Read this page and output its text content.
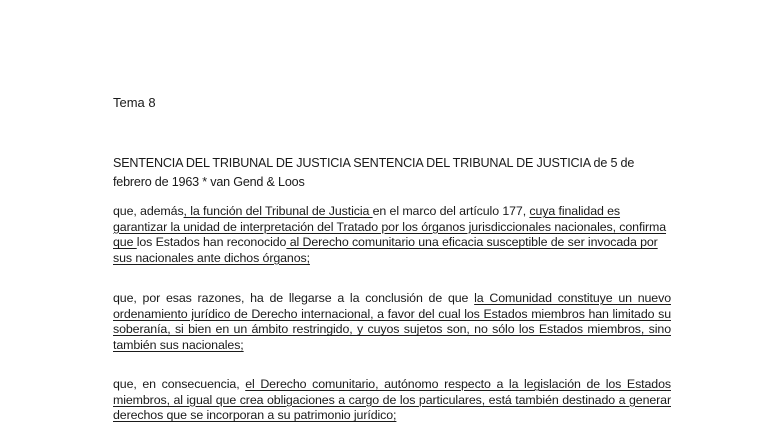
Tema 8
SENTENCIA DEL TRIBUNAL DE JUSTICIA SENTENCIA DEL TRIBUNAL DE JUSTICIA de 5 de febrero de 1963 * van Gend & Loos
que, además, la función del Tribunal de Justicia en el marco del artículo 177, cuya finalidad es garantizar la unidad de interpretación del Tratado por los órganos jurisdiccionales nacionales, confirma que los Estados han reconocido al Derecho comunitario una eficacia susceptible de ser invocada por sus nacionales ante dichos órganos;
que, por esas razones, ha de llegarse a la conclusión de que la Comunidad constituye un nuevo ordenamiento jurídico de Derecho internacional, a favor del cual los Estados miembros han limitado su soberanía, si bien en un ámbito restringido, y cuyos sujetos son, no sólo los Estados miembros, sino también sus nacionales;
que, en consecuencia, el Derecho comunitario, autónomo respecto a la legislación de los Estados miembros, al igual que crea obligaciones a cargo de los particulares, está también destinado a generar derechos que se incorporan a su patrimonio jurídico;
